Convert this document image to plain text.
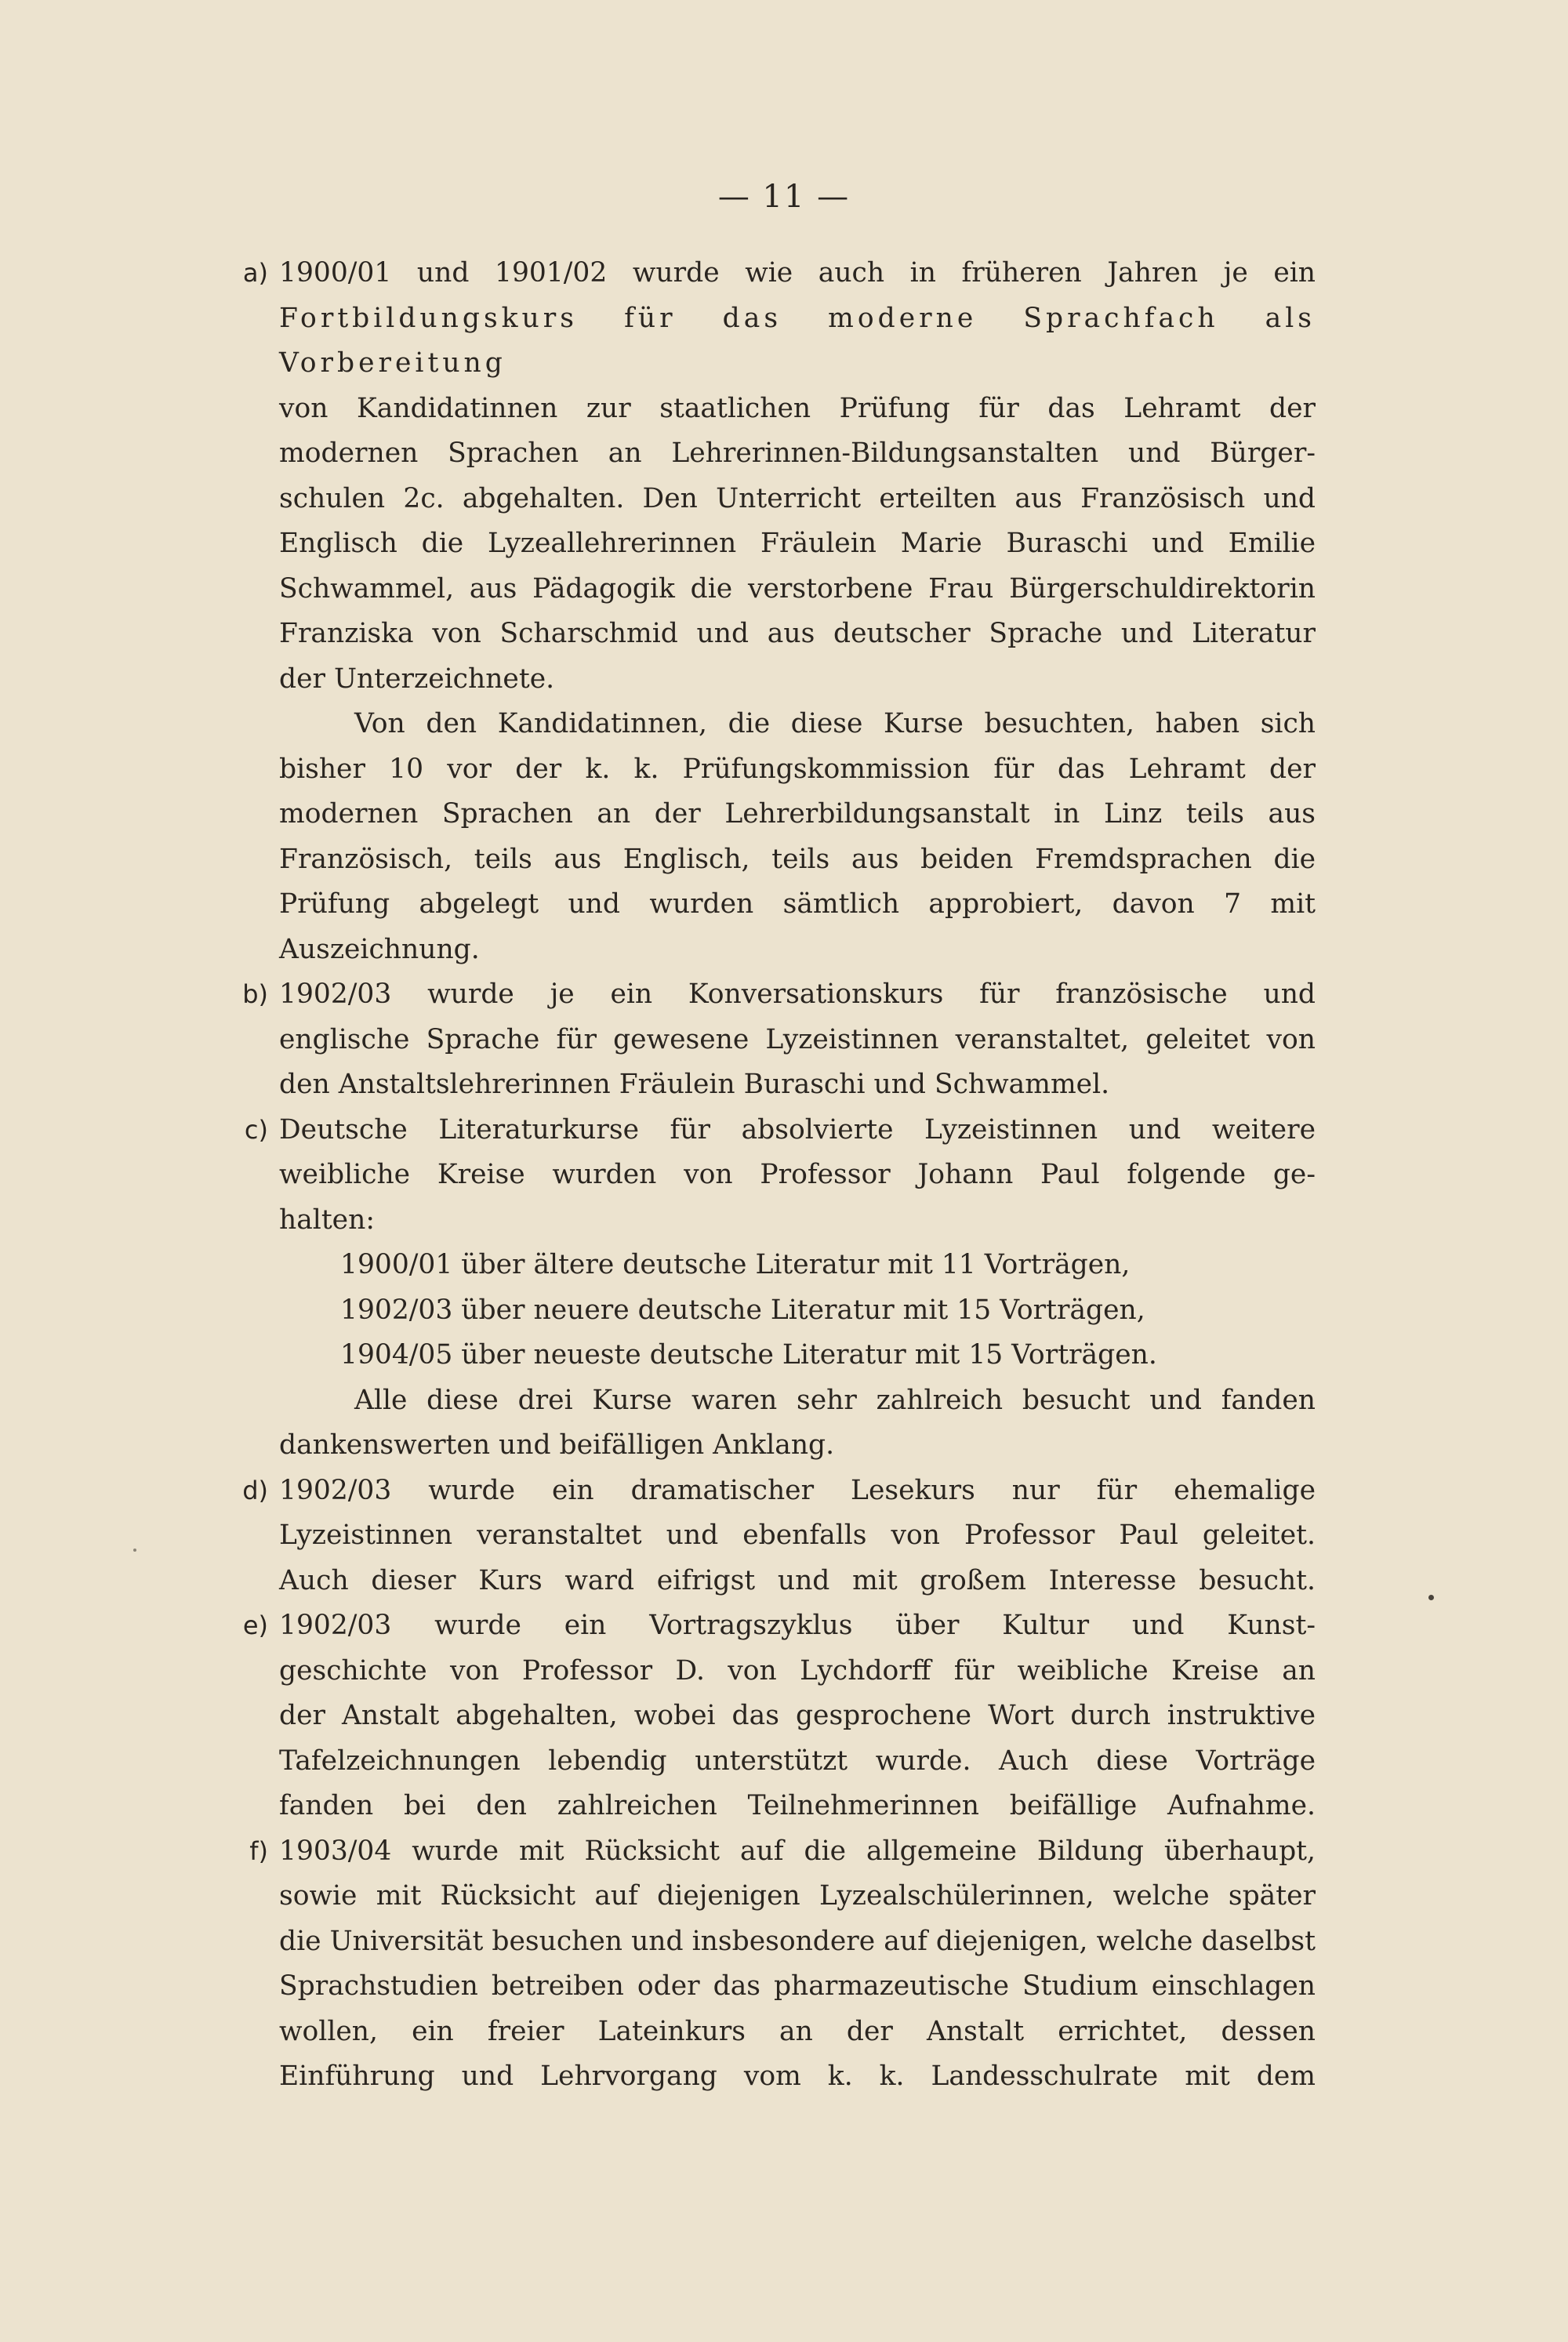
— 11 —
a) 1900/01 und 1901/02 wurde wie auch in früheren Jahren je ein
Fortbildungskurs für das moderne Sprachfach als Vorbereitung
von Kandidatinnen zur staatlichen Prüfung für das Lehramt der
modernen Sprachen an Lehrerinnen-Bildungsanstalten und Bürger-
schulen 2c. abgehalten. Den Unterricht erteilten aus Französisch und
Englisch die Lyzeallehrerinnen Fräulein Marie Buraschi und Emilie
Schwammel, aus Pädagogik die verstorbene Frau Bürgerschuldirektorin
Franziska von Scharschmid und aus deutscher Sprache und Literatur
der Unterzeichnete.
Von den Kandidatinnen, die diese Kurse besuchten, haben sich
bisher 10 vor der k. k. Prüfungskommission für das Lehramt der
modernen Sprachen an der Lehrerbildungsanstalt in Linz teils aus
Französisch, teils aus Englisch, teils aus beiden Fremdsprachen die
Prüfung abgelegt und wurden sämtlich approbiert, davon 7 mit
Auszeichnung.
b) 1902/03 wurde je ein Konversationskurs für französische und
englische Sprache für gewesene Lyzeistinnen veranstaltet, geleitet von
den Anstaltslehrerinnen Fräulein Buraschi und Schwammel.
c) Deutsche Literaturkurse für absolvierte Lyzeistinnen und weitere
weibliche Kreise wurden von Professor Johann Paul folgende ge-
halten:
1900/01 über ältere deutsche Literatur mit 11 Vorträgen,
1902/03 über neuere deutsche Literatur mit 15 Vorträgen,
1904/05 über neueste deutsche Literatur mit 15 Vorträgen.
Alle diese drei Kurse waren sehr zahlreich besucht und fanden
dankenswerten und beifälligen Anklang.
d) 1902/03 wurde ein dramatischer Lesekurs nur für ehemalige
Lyzeistinnen veranstaltet und ebenfalls von Professor Paul geleitet.
Auch dieser Kurs ward eifrigst und mit großem Interesse besucht.
e) 1902/03 wurde ein Vortragszyklus über Kultur und Kunst-
geschichte von Professor D. von Lychdorff für weibliche Kreise an
der Anstalt abgehalten, wobei das gesprochene Wort durch instruktive
Tafelzeichnungen lebendig unterstützt wurde. Auch diese Vorträge
fanden bei den zahlreichen Teilnehmerinnen beifällige Aufnahme.
f) 1903/04 wurde mit Rücksicht auf die allgemeine Bildung überhaupt,
sowie mit Rücksicht auf diejenigen Lyzealschülerinnen, welche später
die Universität besuchen und insbesondere auf diejenigen, welche daselbst
Sprachstudien betreiben oder das pharmazeutische Studium einschlagen
wollen, ein freier Lateinkurs an der Anstalt errichtet, dessen
Einführung und Lehrvorgang vom k. k. Landesschulrate mit dem
